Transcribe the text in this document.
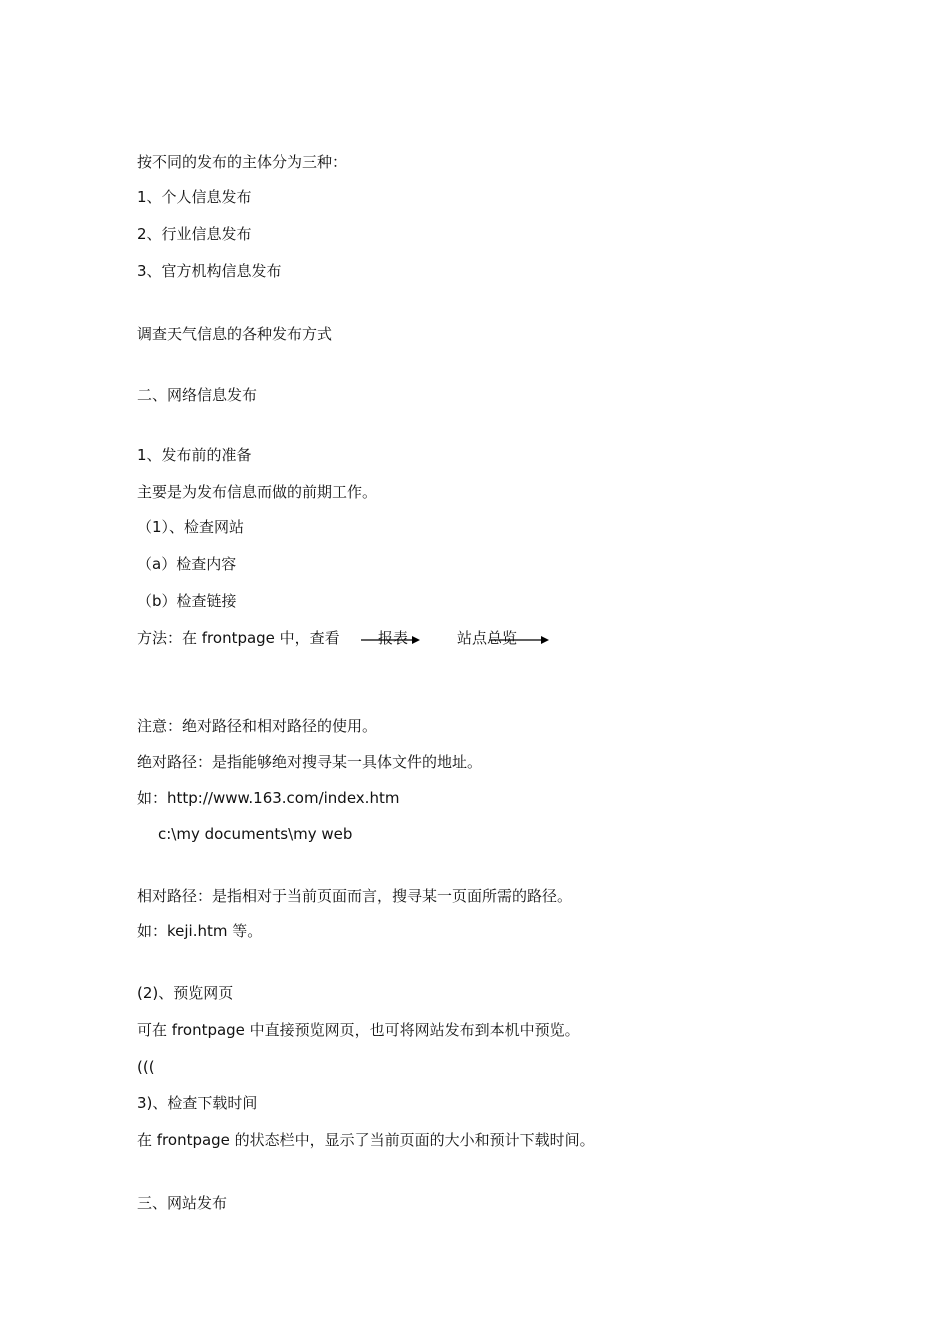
按不同的发布的主体分为三种：
1、个人信息发布
2、行业信息发布
3、官方机构信息发布
调查天气信息的各种发布方式
二、网络信息发布
1、发布前的准备
主要是为发布信息而做的前期工作。
（1）、检查网站
（a）检查内容
（b）检查链接
方法：在 frontpage 中，查看	报表	站点总览
注意：绝对路径和相对路径的使用。
绝对路径：是指能够绝对搜寻某一具体文件的地址。
如：http://www.163.com/index.htm
c:\my documents\my web
相对路径：是指相对于当前页面而言，搜寻某一页面所需的路径。
如：keji.htm 等。
(2)、预览网页
可在 frontpage 中直接预览网页，也可将网站发布到本机中预览。
(((
3)、检查下载时间
在 frontpage 的状态栏中，显示了当前页面的大小和预计下载时间。
三、网站发布
